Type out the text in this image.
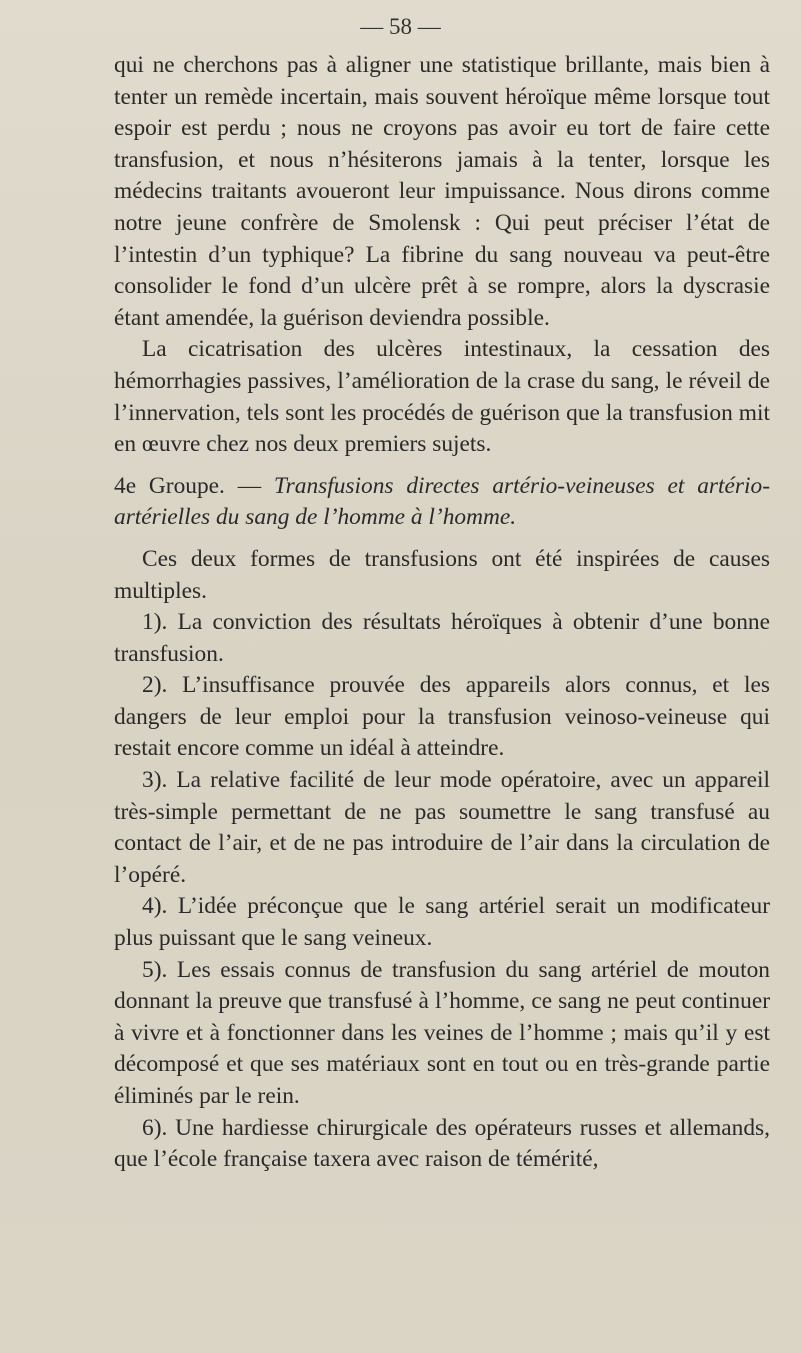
— 58 —

qui ne cherchons pas à aligner une statistique brillante, mais bien à tenter un remède incertain, mais souvent héroïque même lorsque tout espoir est perdu ; nous ne croyons pas avoir eu tort de faire cette transfusion, et nous n’hésiterons jamais à la tenter, lorsque les médecins traitants avoueront leur impuissance. Nous dirons comme notre jeune confrère de Smolensk : Qui peut préciser l’état de l’intestin d’un typhique? La fibrine du sang nouveau va peut-être consolider le fond d’un ulcère prêt à se rompre, alors la dyscrasie étant amendée, la guérison deviendra possible.

La cicatrisation des ulcères intestinaux, la cessation des hémorrhagies passives, l’amélioration de la crase du sang, le réveil de l’innervation, tels sont les procédés de guérison que la transfusion mit en œuvre chez nos deux premiers sujets.

4e Groupe. — Transfusions directes artério-veineuses et artério-artérielles du sang de l’homme à l’homme.

Ces deux formes de transfusions ont été inspirées de causes multiples.

1). La conviction des résultats héroïques à obtenir d’une bonne transfusion.

2). L’insuffisance prouvée des appareils alors connus, et les dangers de leur emploi pour la transfusion veinoso-veineuse qui restait encore comme un idéal à atteindre.

3). La relative facilité de leur mode opératoire, avec un appareil très-simple permettant de ne pas soumettre le sang transfusé au contact de l’air, et de ne pas introduire de l’air dans la circulation de l’opéré.

4). L’idée préconçue que le sang artériel serait un modificateur plus puissant que le sang veineux.

5). Les essais connus de transfusion du sang artériel de mouton donnant la preuve que transfusé à l’homme, ce sang ne peut continuer à vivre et à fonctionner dans les veines de l’homme ; mais qu’il y est décomposé et que ses matériaux sont en tout ou en très-grande partie éliminés par le rein.

6). Une hardiesse chirurgicale des opérateurs russes et allemands, que l’école française taxera avec raison de témérité,
